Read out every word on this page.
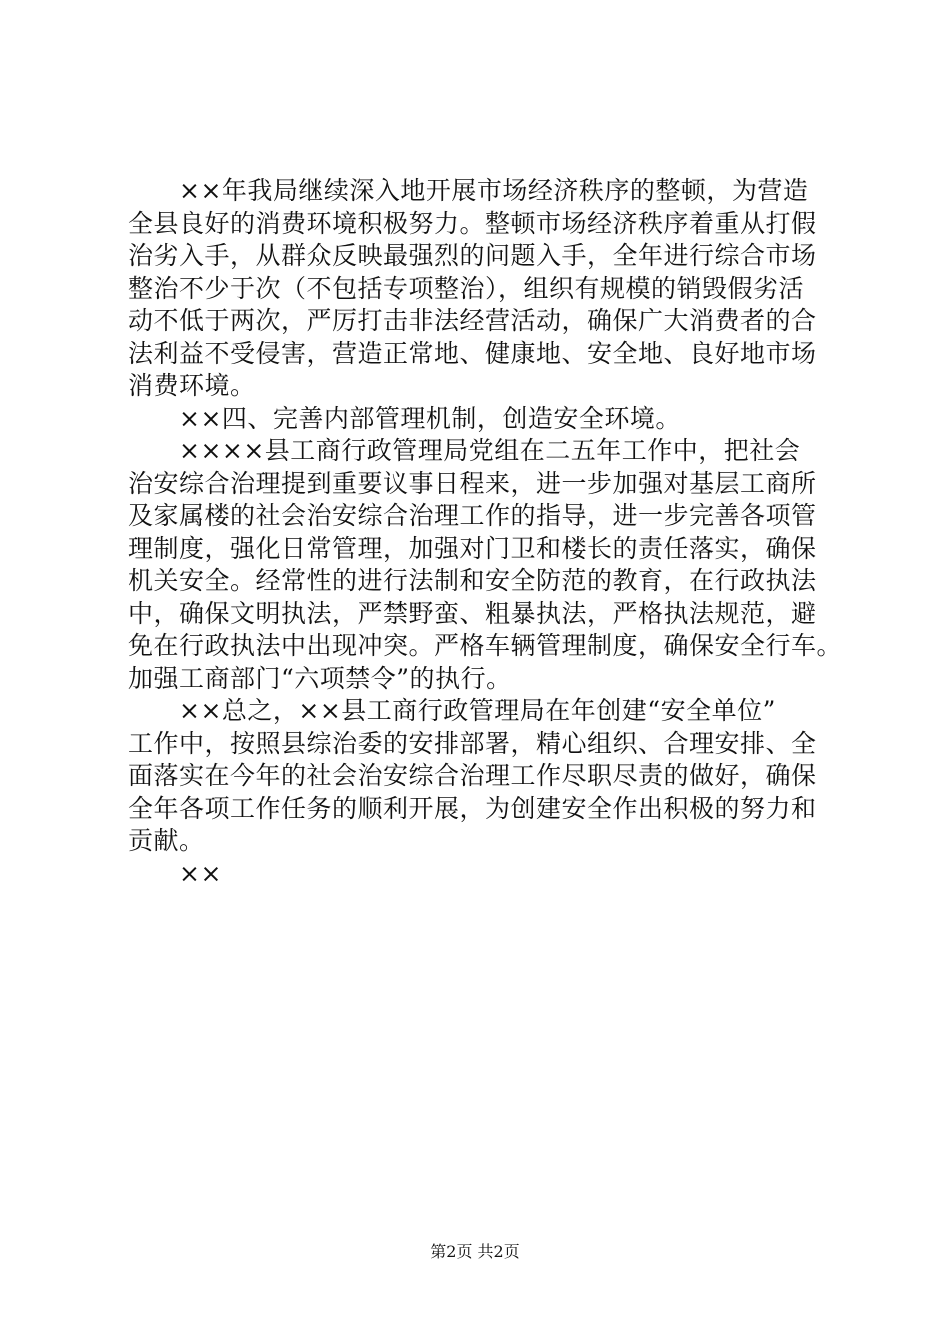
　　××年我局继续深入地开展市场经济秩序的整顿，为营造
全县良好的消费环境积极努力。整顿市场经济秩序着重从打假
治劣入手，从群众反映最强烈的问题入手，全年进行综合市场
整治不少于次（不包括专项整治），组织有规模的销毁假劣活
动不低于两次，严厉打击非法经营活动，确保广大消费者的合
法利益不受侵害，营造正常地、健康地、安全地、良好地市场
消费环境。
　　××四、完善内部管理机制，创造安全环境。
　　××××县工商行政管理局党组在二五年工作中，把社会
治安综合治理提到重要议事日程来，进一步加强对基层工商所
及家属楼的社会治安综合治理工作的指导，进一步完善各项管
理制度，强化日常管理，加强对门卫和楼长的责任落实，确保
机关安全。经常性的进行法制和安全防范的教育，在行政执法
中，确保文明执法，严禁野蛮、粗暴执法，严格执法规范，避
免在行政执法中出现冲突。严格车辆管理制度，确保安全行车。
加强工商部门“六项禁令”的执行。
　　××总之，××县工商行政管理局在年创建“安全单位”
工作中，按照县综治委的安排部署，精心组织、合理安排、全
面落实在今年的社会治安综合治理工作尽职尽责的做好，确保
全年各项工作任务的顺利开展，为创建安全作出积极的努力和
贡献。
　　××
第2页 共2页
